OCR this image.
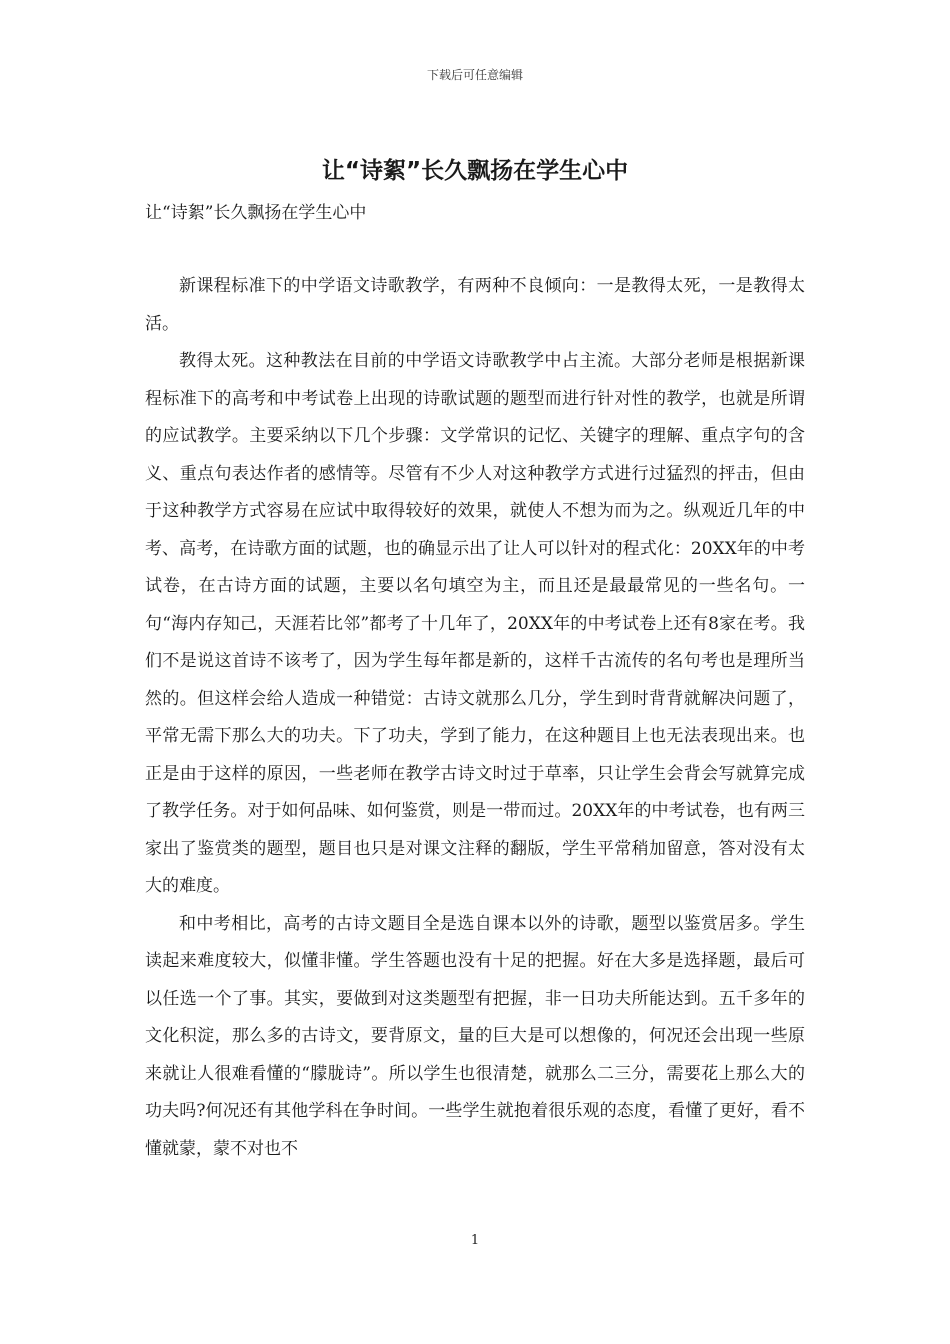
下载后可任意编辑
让“诗絮”长久飘扬在学生心中

让“诗絮”长久飘扬在学生心中

新课程标准下的中学语文诗歌教学，有两种不良倾向：一是教得太死，一是教得太活。

教得太死。这种教法在目前的中学语文诗歌教学中占主流。大部分老师是根据新课程标准下的高考和中考试卷上出现的诗歌试题的题型而进行针对性的教学，也就是所谓的应试教学。主要采纳以下几个步骤：文学常识的记忆、关键字的理解、重点字句的含义、重点句表达作者的感情等。尽管有不少人对这种教学方式进行过猛烈的抨击，但由于这种教学方式容易在应试中取得较好的效果，就使人不想为而为之。纵观近几年的中考、高考，在诗歌方面的试题，也的确显示出了让人可以针对的程式化：20XX年的中考试卷，在古诗方面的试题，主要以名句填空为主，而且还是最最常见的一些名句。一句“海内存知己，天涯若比邻”都考了十几年了，20XX年的中考试卷上还有8家在考。我们不是说这首诗不该考了，因为学生每年都是新的，这样千古流传的名句考也是理所当然的。但这样会给人造成一种错觉：古诗文就那么几分，学生到时背背就解决问题了，平常无需下那么大的功夫。下了功夫，学到了能力，在这种题目上也无法表现出来。也正是由于这样的原因，一些老师在教学古诗文时过于草率，只让学生会背会写就算完成了教学任务。对于如何品味、如何鉴赏，则是一带而过。20XX年的中考试卷，也有两三家出了鉴赏类的题型，题目也只是对课文注释的翻版，学生平常稍加留意，答对没有太大的难度。

和中考相比，高考的古诗文题目全是选自课本以外的诗歌，题型以鉴赏居多。学生读起来难度较大，似懂非懂。学生答题也没有十足的把握。好在大多是选择题，最后可以任选一个了事。其实，要做到对这类题型有把握，非一日功夫所能达到。五千多年的文化积淀，那么多的古诗文，要背原文，量的巨大是可以想像的，何况还会出现一些原来就让人很难看懂的“朦胧诗”。所以学生也很清楚，就那么二三分，需要花上那么大的功夫吗?何况还有其他学科在争时间。一些学生就抱着很乐观的态度，看懂了更好，看不懂就蒙，蒙不对也不

1
